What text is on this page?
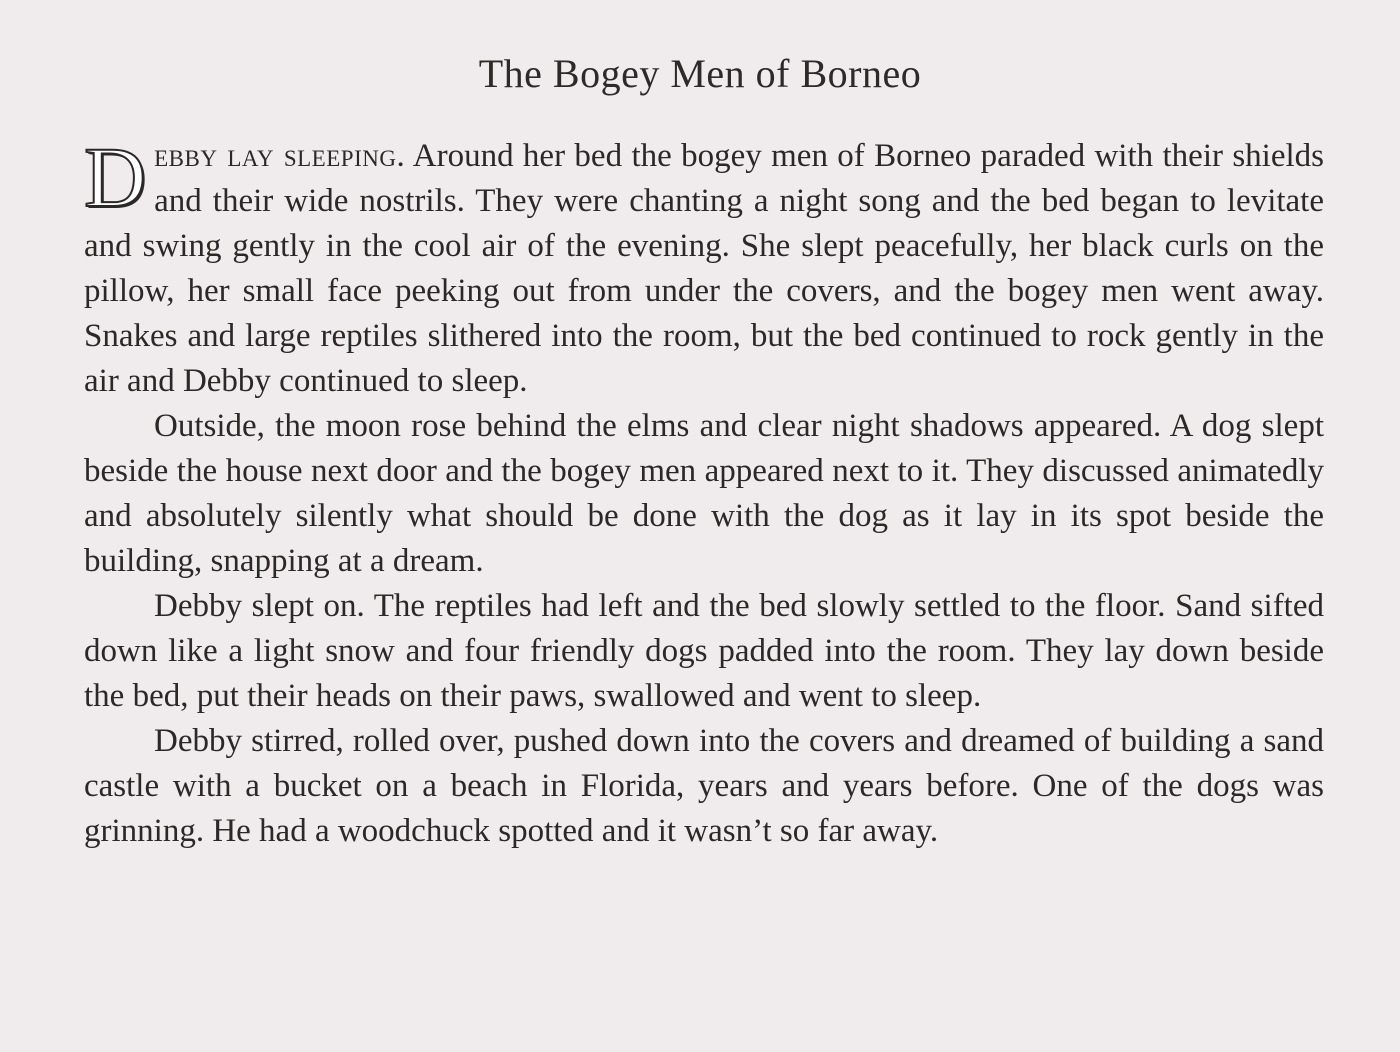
The Bogey Men of Borneo

Debby lay sleeping. Around her bed the bogey men of Borneo paraded with their shields and their wide nostrils. They were chanting a night song and the bed began to levitate and swing gently in the cool air of the evening. She slept peacefully, her black curls on the pillow, her small face peeking out from under the covers, and the bogey men went away. Snakes and large reptiles slithered into the room, but the bed continued to rock gently in the air and Debby continued to sleep.

Outside, the moon rose behind the elms and clear night shadows appeared. A dog slept beside the house next door and the bogey men appeared next to it. They discussed animatedly and absolutely silently what should be done with the dog as it lay in its spot beside the building, snapping at a dream.

Debby slept on. The reptiles had left and the bed slowly settled to the floor. Sand sifted down like a light snow and four friendly dogs padded into the room. They lay down beside the bed, put their heads on their paws, swallowed and went to sleep.

Debby stirred, rolled over, pushed down into the covers and dreamed of building a sand castle with a bucket on a beach in Florida, years and years before. One of the dogs was grinning. He had a woodchuck spotted and it wasn’t so far away.
